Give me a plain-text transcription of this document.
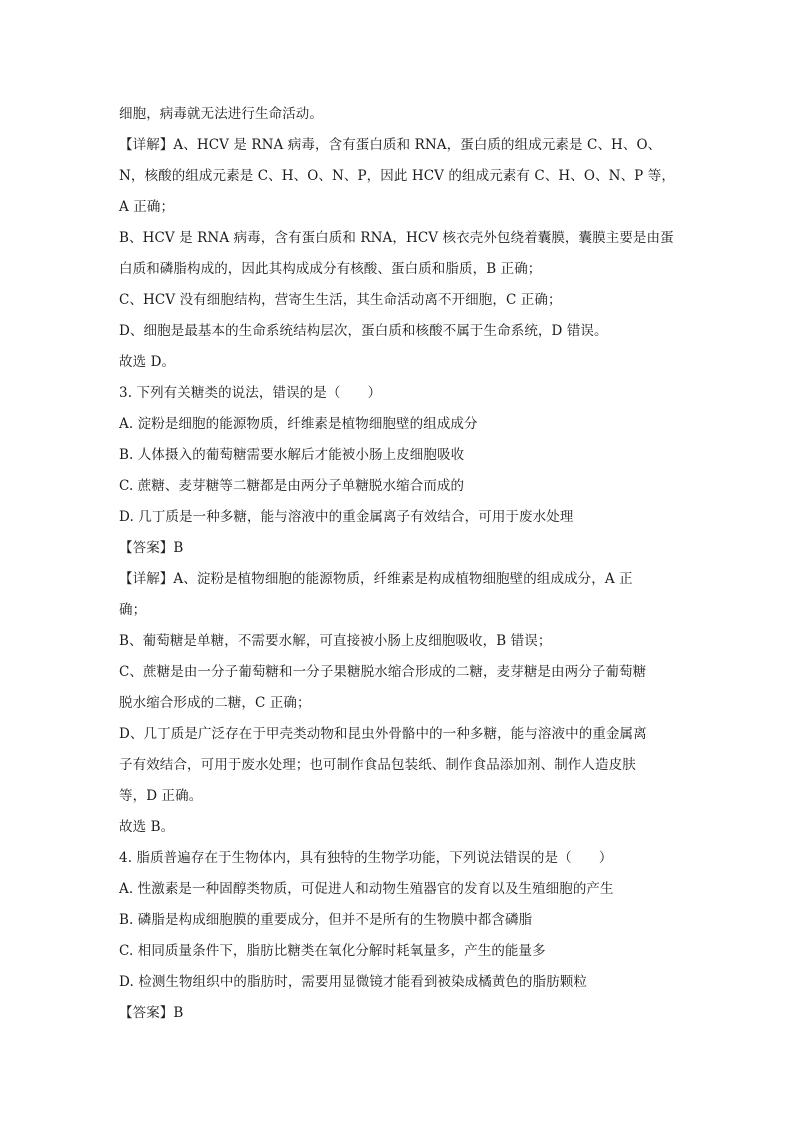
细胞，病毒就无法进行生命活动。
【详解】A、HCV 是 RNA 病毒，含有蛋白质和 RNA，蛋白质的组成元素是 C、H、O、
N，核酸的组成元素是 C、H、O、N、P，因此 HCV 的组成元素有 C、H、O、N、P 等，
A 正确；
B、HCV 是 RNA 病毒，含有蛋白质和 RNA，HCV 核衣壳外包绕着囊膜，囊膜主要是由蛋
白质和磷脂构成的，因此其构成成分有核酸、蛋白质和脂质，B 正确；
C、HCV 没有细胞结构，营寄生生活，其生命活动离不开细胞，C 正确；
D、细胞是最基本的生命系统结构层次，蛋白质和核酸不属于生命系统，D 错误。
故选 D。
3. 下列有关糖类的说法，错误的是（　　）
A. 淀粉是细胞的能源物质，纤维素是植物细胞壁的组成成分
B. 人体摄入的葡萄糖需要水解后才能被小肠上皮细胞吸收
C. 蔗糖、麦芽糖等二糖都是由两分子单糖脱水缩合而成的
D. 几丁质是一种多糖，能与溶液中的重金属离子有效结合，可用于废水处理
【答案】B
【详解】A、淀粉是植物细胞的能源物质，纤维素是构成植物细胞壁的组成成分，A 正
确；
B、葡萄糖是单糖，不需要水解，可直接被小肠上皮细胞吸收，B 错误；
C、蔗糖是由一分子葡萄糖和一分子果糖脱水缩合形成的二糖，麦芽糖是由两分子葡萄糖
脱水缩合形成的二糖，C 正确；
D、几丁质是广泛存在于甲壳类动物和昆虫外骨骼中的一种多糖，能与溶液中的重金属离
子有效结合，可用于废水处理；也可制作食品包装纸、制作食品添加剂、制作人造皮肤
等，D 正确。
故选 B。
4. 脂质普遍存在于生物体内，具有独特的生物学功能，下列说法错误的是（　　）
A. 性激素是一种固醇类物质，可促进人和动物生殖器官的发育以及生殖细胞的产生
B. 磷脂是构成细胞膜的重要成分，但并不是所有的生物膜中都含磷脂
C. 相同质量条件下，脂肪比糖类在氧化分解时耗氧量多，产生的能量多
D. 检测生物组织中的脂肪时，需要用显微镜才能看到被染成橘黄色的脂肪颗粒
【答案】B
